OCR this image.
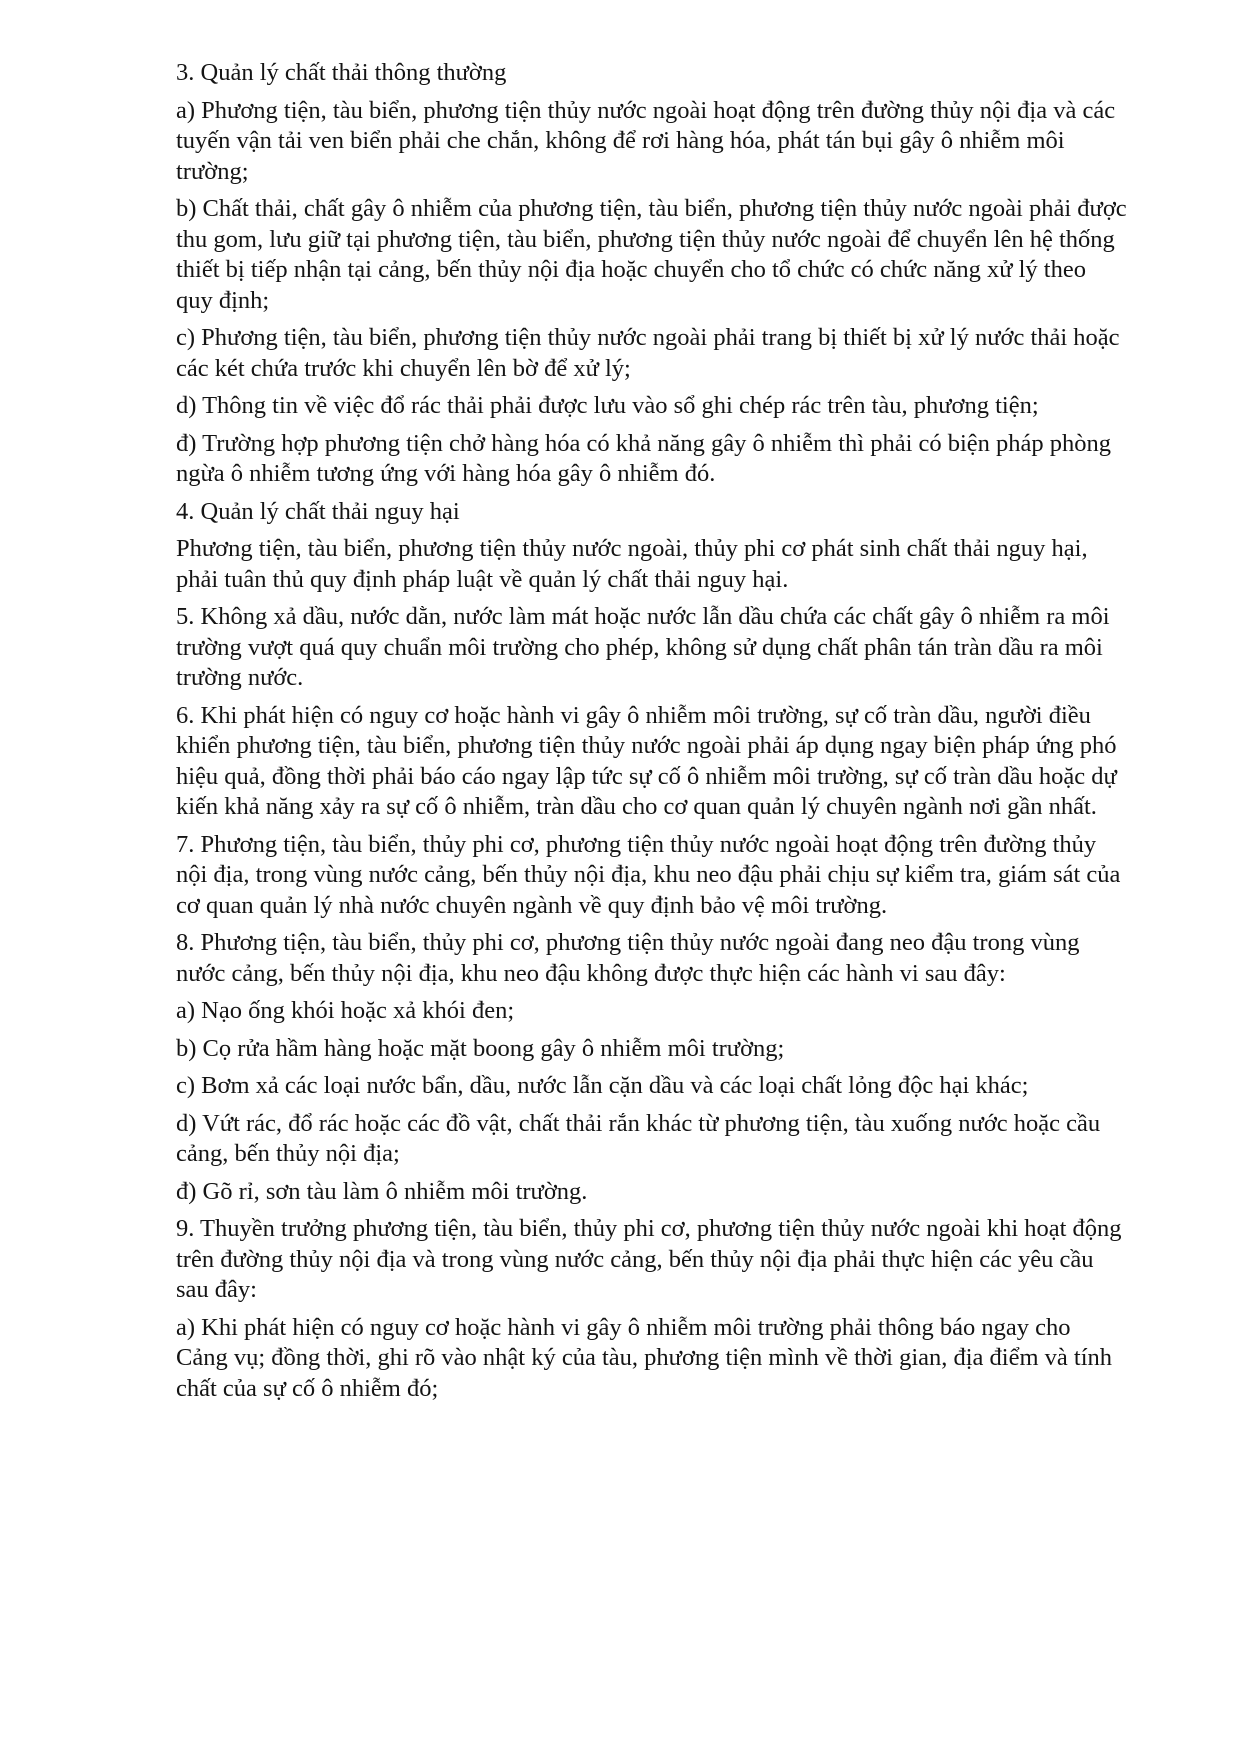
3. Quản lý chất thải thông thường

a) Phương tiện, tàu biển, phương tiện thủy nước ngoài hoạt động trên đường thủy nội địa và các tuyến vận tải ven biển phải che chắn, không để rơi hàng hóa, phát tán bụi gây ô nhiễm môi trường;

b) Chất thải, chất gây ô nhiễm của phương tiện, tàu biển, phương tiện thủy nước ngoài phải được thu gom, lưu giữ tại phương tiện, tàu biển, phương tiện thủy nước ngoài để chuyển lên hệ thống thiết bị tiếp nhận tại cảng, bến thủy nội địa hoặc chuyển cho tổ chức có chức năng xử lý theo quy định;

c) Phương tiện, tàu biển, phương tiện thủy nước ngoài phải trang bị thiết bị xử lý nước thải hoặc các két chứa trước khi chuyển lên bờ để xử lý;

d) Thông tin về việc đổ rác thải phải được lưu vào sổ ghi chép rác trên tàu, phương tiện;

đ) Trường hợp phương tiện chở hàng hóa có khả năng gây ô nhiễm thì phải có biện pháp phòng ngừa ô nhiễm tương ứng với hàng hóa gây ô nhiễm đó.

4. Quản lý chất thải nguy hại

Phương tiện, tàu biển, phương tiện thủy nước ngoài, thủy phi cơ phát sinh chất thải nguy hại, phải tuân thủ quy định pháp luật về quản lý chất thải nguy hại.

5. Không xả dầu, nước dằn, nước làm mát hoặc nước lẫn dầu chứa các chất gây ô nhiễm ra môi trường vượt quá quy chuẩn môi trường cho phép, không sử dụng chất phân tán tràn dầu ra môi trường nước.

6. Khi phát hiện có nguy cơ hoặc hành vi gây ô nhiễm môi trường, sự cố tràn dầu, người điều khiển phương tiện, tàu biển, phương tiện thủy nước ngoài phải áp dụng ngay biện pháp ứng phó hiệu quả, đồng thời phải báo cáo ngay lập tức sự cố ô nhiễm môi trường, sự cố tràn dầu hoặc dự kiến khả năng xảy ra sự cố ô nhiễm, tràn dầu cho cơ quan quản lý chuyên ngành nơi gần nhất.

7. Phương tiện, tàu biển, thủy phi cơ, phương tiện thủy nước ngoài hoạt động trên đường thủy nội địa, trong vùng nước cảng, bến thủy nội địa, khu neo đậu phải chịu sự kiểm tra, giám sát của cơ quan quản lý nhà nước chuyên ngành về quy định bảo vệ môi trường.

8. Phương tiện, tàu biển, thủy phi cơ, phương tiện thủy nước ngoài đang neo đậu trong vùng nước cảng, bến thủy nội địa, khu neo đậu không được thực hiện các hành vi sau đây:

a) Nạo ống khói hoặc xả khói đen;

b) Cọ rửa hầm hàng hoặc mặt boong gây ô nhiễm môi trường;

c) Bơm xả các loại nước bẩn, dầu, nước lẫn cặn dầu và các loại chất lỏng độc hại khác;

d) Vứt rác, đổ rác hoặc các đồ vật, chất thải rắn khác từ phương tiện, tàu xuống nước hoặc cầu cảng, bến thủy nội địa;

đ) Gõ rỉ, sơn tàu làm ô nhiễm môi trường.

9. Thuyền trưởng phương tiện, tàu biển, thủy phi cơ, phương tiện thủy nước ngoài khi hoạt động trên đường thủy nội địa và trong vùng nước cảng, bến thủy nội địa phải thực hiện các yêu cầu sau đây:

a) Khi phát hiện có nguy cơ hoặc hành vi gây ô nhiễm môi trường phải thông báo ngay cho Cảng vụ; đồng thời, ghi rõ vào nhật ký của tàu, phương tiện mình về thời gian, địa điểm và tính chất của sự cố ô nhiễm đó;
